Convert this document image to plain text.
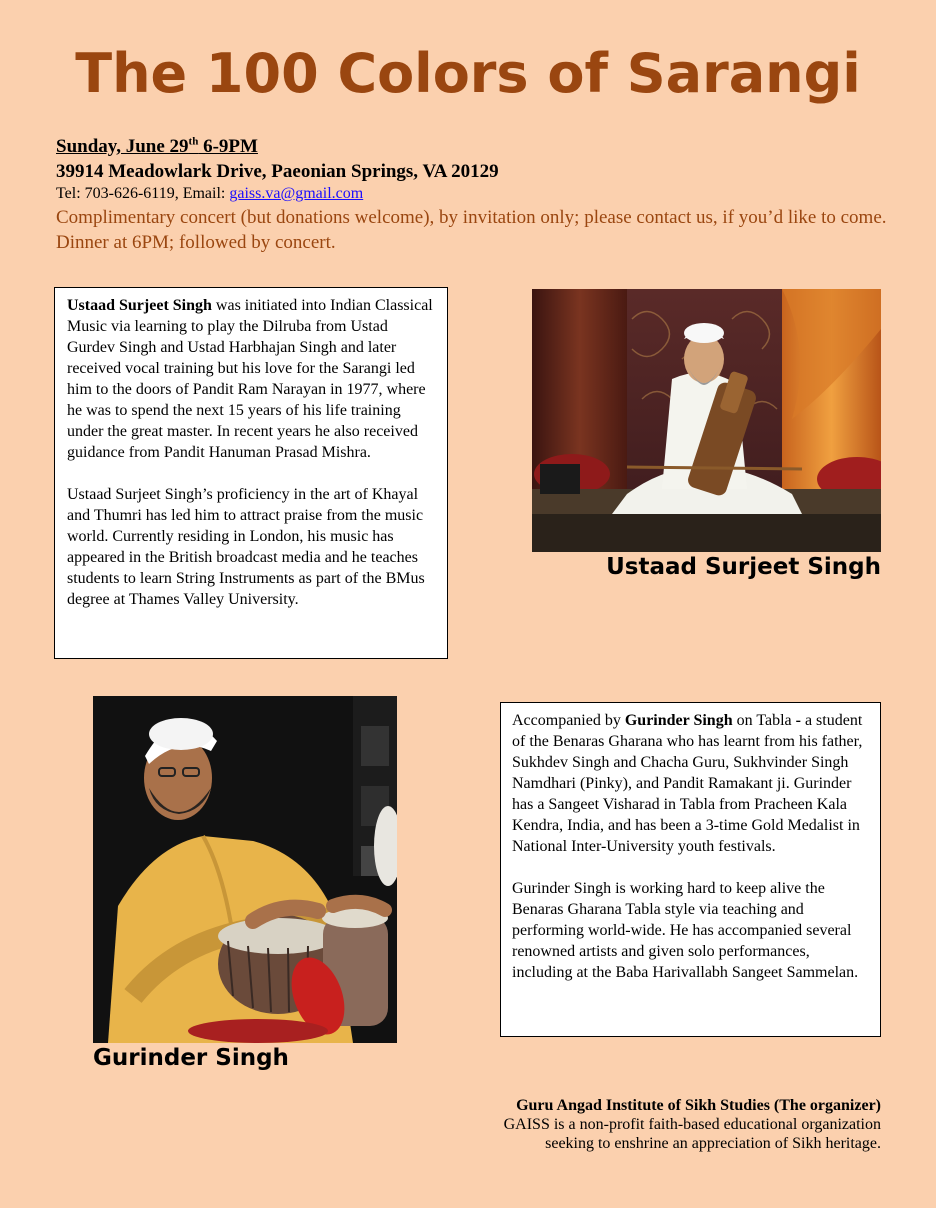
The 100 Colors of Sarangi
Sunday, June 29th 6-9PM
39914 Meadowlark Drive, Paeonian Springs, VA 20129
Tel: 703-626-6119, Email: gaiss.va@gmail.com
Complimentary concert (but donations welcome), by invitation only; please contact us, if you’d like to come. Dinner at 6PM; followed by concert.

Ustaad Surjeet Singh was initiated into Indian Classical Music via learning to play the Dilruba from Ustad Gurdev Singh and Ustad Harbhajan Singh and later received vocal training but his love for the Sarangi led him to the doors of Pandit Ram Narayan in 1977, where he was to spend the next 15 years of his life training under the great master. In recent years he also received guidance from Pandit Hanuman Prasad Mishra.

Ustaad Surjeet Singh’s proficiency in the art of Khayal and Thumri has led him to attract praise from the music world. Currently residing in London, his music has appeared in the British broadcast media and he teaches students to learn String Instruments as part of the BMus degree at Thames Valley University.

Ustaad Surjeet Singh
Gurinder Singh

Accompanied by Gurinder Singh on Tabla - a student of the Benaras Gharana who has learnt from his father, Sukhdev Singh and Chacha Guru, Sukhvinder Singh Namdhari (Pinky), and Pandit Ramakant ji. Gurinder has a Sangeet Visharad in Tabla from Pracheen Kala Kendra, India, and has been a 3-time Gold Medalist in National Inter-University youth festivals.

Gurinder Singh is working hard to keep alive the Benaras Gharana Tabla style via teaching and performing world-wide. He has accompanied several renowned artists and given solo performances, including at the Baba Harivallabh Sangeet Sammelan.

Guru Angad Institute of Sikh Studies (The organizer)
GAISS is a non-profit faith-based educational organization
seeking to enshrine an appreciation of Sikh heritage.
